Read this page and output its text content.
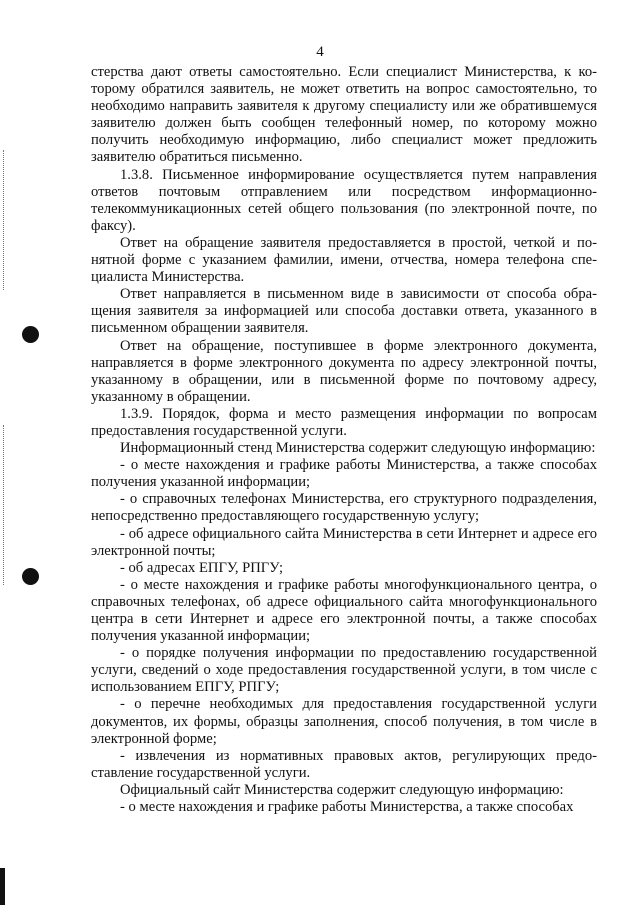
4

стерства дают ответы самостоятельно. Если специалист Министерства, к которому обратился заявитель, не может ответить на вопрос самостоятельно, то необходимо направить заявителя к другому специалисту или же обратившемуся заявителю должен быть сообщен телефонный номер, по которому можно получить необходимую информацию, либо специалист может предложить заявителю обратиться письменно.

1.3.8. Письменное информирование осуществляется путем направления ответов почтовым отправлением или посредством информационно-телекоммуникационных сетей общего пользования (по электронной почте, по факсу).

Ответ на обращение заявителя предоставляется в простой, четкой и понятной форме с указанием фамилии, имени, отчества, номера телефона специалиста Министерства.

Ответ направляется в письменном виде в зависимости от способа обращения заявителя за информацией или способа доставки ответа, указанного в письменном обращении заявителя.

Ответ на обращение, поступившее в форме электронного документа, направляется в форме электронного документа по адресу электронной почты, указанному в обращении, или в письменной форме по почтовому адресу, указанному в обращении.

1.3.9. Порядок, форма и место размещения информации по вопросам предоставления государственной услуги.

Информационный стенд Министерства содержит следующую информацию:

- о месте нахождения и графике работы Министерства, а также способах получения указанной информации;

- о справочных телефонах Министерства, его структурного подразделения, непосредственно предоставляющего государственную услугу;

- об адресе официального сайта Министерства в сети Интернет и адресе его электронной почты;

- об адресах ЕПГУ, РПГУ;

- о месте нахождения и графике работы многофункционального центра, о справочных телефонах, об адресе официального сайта многофункционального центра в сети Интернет и адресе его электронной почты, а также способах получения указанной информации;

- о порядке получения информации по предоставлению государственной услуги, сведений о ходе предоставления государственной услуги, в том числе с использованием ЕПГУ, РПГУ;

- о перечне необходимых для предоставления государственной услуги документов, их формы, образцы заполнения, способ получения, в том числе в электронной форме;

- извлечения из нормативных правовых актов, регулирующих предоставление государственной услуги.

Официальный сайт Министерства содержит следующую информацию:

- о месте нахождения и графике работы Министерства, а также способах
